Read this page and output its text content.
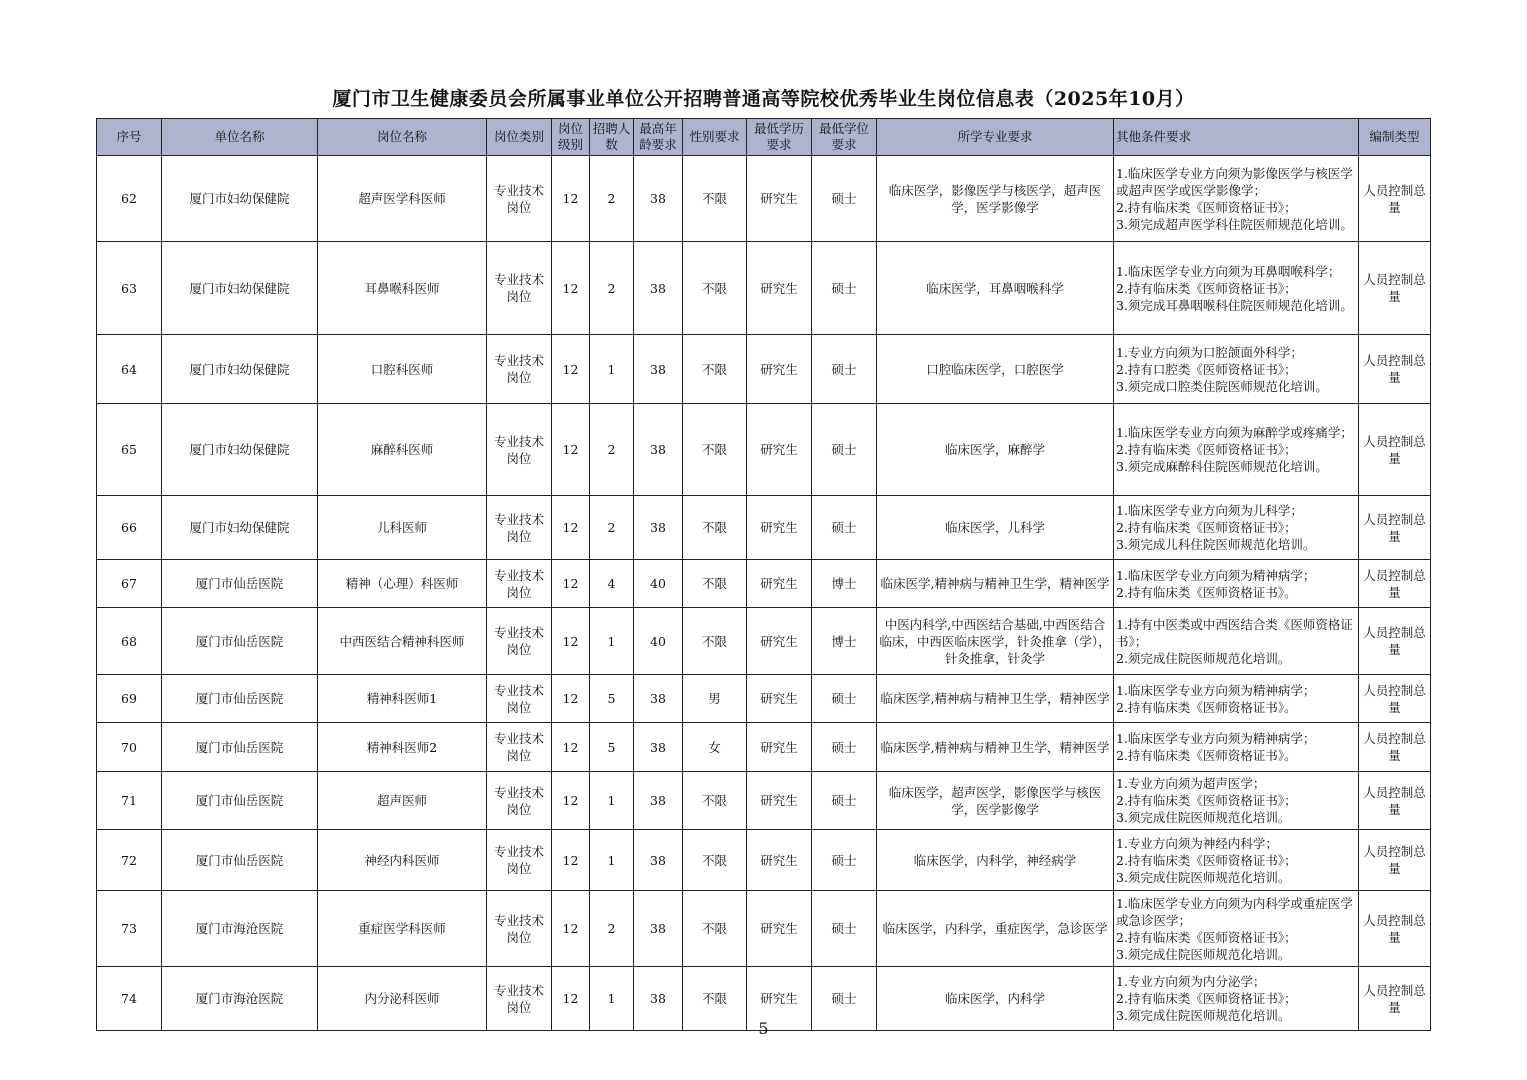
厦门市卫生健康委员会所属事业单位公开招聘普通高等院校优秀毕业生岗位信息表（2025年10月）
序号	单位名称	岗位名称	岗位类别	岗位级别	招聘人数	最高年龄要求	性别要求	最低学历要求	最低学位要求	所学专业要求	其他条件要求	编制类型
62	厦门市妇幼保健院	超声医学科医师	专业技术岗位	12	2	38	不限	研究生	硕士	临床医学，影像医学与核医学，超声医学，医学影像学	1.临床医学专业方向须为影像医学与核医学或超声医学或医学影像学；
2.持有临床类《医师资格证书》；
3.须完成超声医学科住院医师规范化培训。	人员控制总量
63	厦门市妇幼保健院	耳鼻喉科医师	专业技术岗位	12	2	38	不限	研究生	硕士	临床医学，耳鼻咽喉科学	1.临床医学专业方向须为耳鼻咽喉科学；
2.持有临床类《医师资格证书》；
3.须完成耳鼻咽喉科住院医师规范化培训。	人员控制总量
64	厦门市妇幼保健院	口腔科医师	专业技术岗位	12	1	38	不限	研究生	硕士	口腔临床医学，口腔医学	1.专业方向须为口腔颌面外科学；
2.持有口腔类《医师资格证书》；
3.须完成口腔类住院医师规范化培训。	人员控制总量
65	厦门市妇幼保健院	麻醉科医师	专业技术岗位	12	2	38	不限	研究生	硕士	临床医学，麻醉学	1.临床医学专业方向须为麻醉学或疼痛学；
2.持有临床类《医师资格证书》；
3.须完成麻醉科住院医师规范化培训。	人员控制总量
66	厦门市妇幼保健院	儿科医师	专业技术岗位	12	2	38	不限	研究生	硕士	临床医学，儿科学	1.临床医学专业方向须为儿科学；
2.持有临床类《医师资格证书》；
3.须完成儿科住院医师规范化培训。	人员控制总量
67	厦门市仙岳医院	精神（心理）科医师	专业技术岗位	12	4	40	不限	研究生	博士	临床医学,精神病与精神卫生学，精神医学	1.临床医学专业方向须为精神病学；
2.持有临床类《医师资格证书》。	人员控制总量
68	厦门市仙岳医院	中西医结合精神科医师	专业技术岗位	12	1	40	不限	研究生	博士	中医内科学,中西医结合基础,中西医结合临床，中西医临床医学，针灸推拿（学），针灸推拿，针灸学	1.持有中医类或中西医结合类《医师资格证书》；
2.须完成住院医师规范化培训。	人员控制总量
69	厦门市仙岳医院	精神科医师1	专业技术岗位	12	5	38	男	研究生	硕士	临床医学,精神病与精神卫生学，精神医学	1.临床医学专业方向须为精神病学；
2.持有临床类《医师资格证书》。	人员控制总量
70	厦门市仙岳医院	精神科医师2	专业技术岗位	12	5	38	女	研究生	硕士	临床医学,精神病与精神卫生学，精神医学	1.临床医学专业方向须为精神病学；
2.持有临床类《医师资格证书》。	人员控制总量
71	厦门市仙岳医院	超声医师	专业技术岗位	12	1	38	不限	研究生	硕士	临床医学，超声医学，影像医学与核医学，医学影像学	1.专业方向须为超声医学；
2.持有临床类《医师资格证书》；
3.须完成住院医师规范化培训。	人员控制总量
72	厦门市仙岳医院	神经内科医师	专业技术岗位	12	1	38	不限	研究生	硕士	临床医学，内科学，神经病学	1.专业方向须为神经内科学；
2.持有临床类《医师资格证书》；
3.须完成住院医师规范化培训。	人员控制总量
73	厦门市海沧医院	重症医学科医师	专业技术岗位	12	2	38	不限	研究生	硕士	临床医学，内科学，重症医学，急诊医学	1.临床医学专业方向须为内科学或重症医学或急诊医学；
2.持有临床类《医师资格证书》；
3.须完成住院医师规范化培训。	人员控制总量
74	厦门市海沧医院	内分泌科医师	专业技术岗位	12	1	38	不限	研究生	硕士	临床医学，内科学	1.专业方向须为内分泌学；
2.持有临床类《医师资格证书》；
3.须完成住院医师规范化培训。	人员控制总量
5
